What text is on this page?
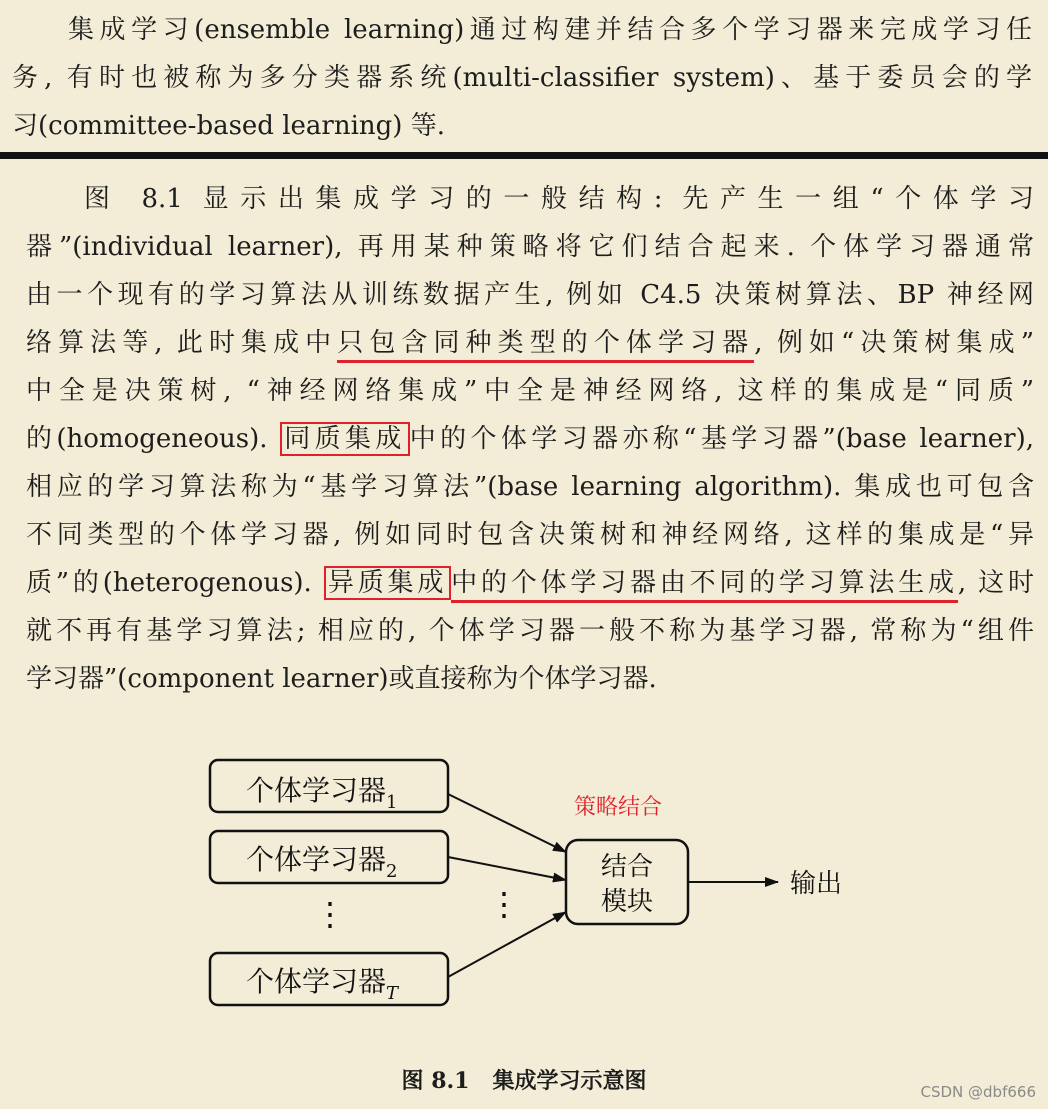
集成学习(ensemble learning)通过构建并结合多个学习器来完成学习任
务, 有时也被称为多分类器系统(multi-classifier system)、基于委员会的学
习(committee-based learning) 等.
图 8.1 显示出集成学习的一般结构: 先产生一组“个体学习
器”(individual learner), 再用某种策略将它们结合起来. 个体学习器通常
由一个现有的学习算法从训练数据产生, 例如 C4.5 决策树算法、BP 神经网
络算法等, 此时集成中只包含同种类型的个体学习器, 例如“决策树集成”
中全是决策树, “神经网络集成”中全是神经网络, 这样的集成是“同质”
的(homogeneous). 同质集成 中的个体学习器亦称“基学习器”(base learner),
相应的学习算法称为“基学习算法”(base learning algorithm). 集成也可包含
不同类型的个体学习器, 例如同时包含决策树和神经网络, 这样的集成是“异
质”的(heterogenous). 异质集成 中的个体学习器由不同的学习算法生成, 这时
就不再有基学习算法; 相应的, 个体学习器一般不称为基学习器, 常称为“组件
学习器”(component learner)或直接称为个体学习器.
个体学习器$_1$
个体学习器$_2$
⋮	⋮
个体学习器$_T$
结合
模块
输出
策略结合
图 8.1 集成学习示意图	CSDN @dbf666
